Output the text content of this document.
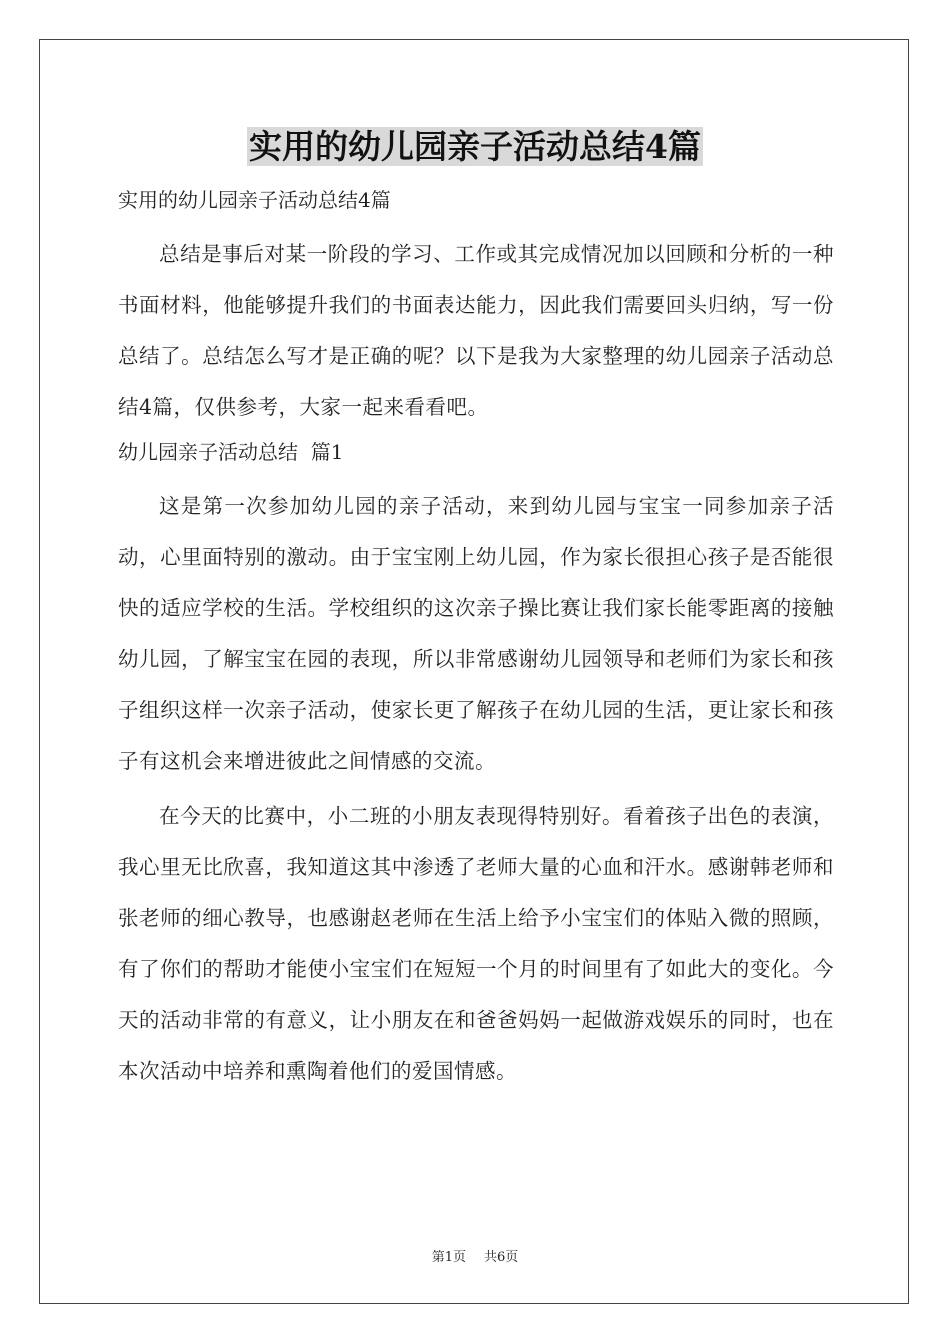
实用的幼儿园亲子活动总结4篇
实用的幼儿园亲子活动总结4篇

总结是事后对某一阶段的学习、工作或其完成情况加以回顾和分析的一种书面材料，他能够提升我们的书面表达能力，因此我们需要回头归纳，写一份总结了。总结怎么写才是正确的呢？以下是我为大家整理的幼儿园亲子活动总结4篇，仅供参考，大家一起来看看吧。

幼儿园亲子活动总结  篇1

这是第一次参加幼儿园的亲子活动，来到幼儿园与宝宝一同参加亲子活动，心里面特别的激动。由于宝宝刚上幼儿园，作为家长很担心孩子是否能很快的适应学校的生活。学校组织的这次亲子操比赛让我们家长能零距离的接触幼儿园，了解宝宝在园的表现，所以非常感谢幼儿园领导和老师们为家长和孩子组织这样一次亲子活动，使家长更了解孩子在幼儿园的生活，更让家长和孩子有这机会来增进彼此之间情感的交流。

在今天的比赛中，小二班的小朋友表现得特别好。看着孩子出色的表演，我心里无比欣喜，我知道这其中渗透了老师大量的心血和汗水。感谢韩老师和张老师的细心教导，也感谢赵老师在生活上给予小宝宝们的体贴入微的照顾，有了你们的帮助才能使小宝宝们在短短一个月的时间里有了如此大的变化。今天的活动非常的有意义，让小朋友在和爸爸妈妈一起做游戏娱乐的同时，也在本次活动中培养和熏陶着他们的爱国情感。

第1页 共6页
